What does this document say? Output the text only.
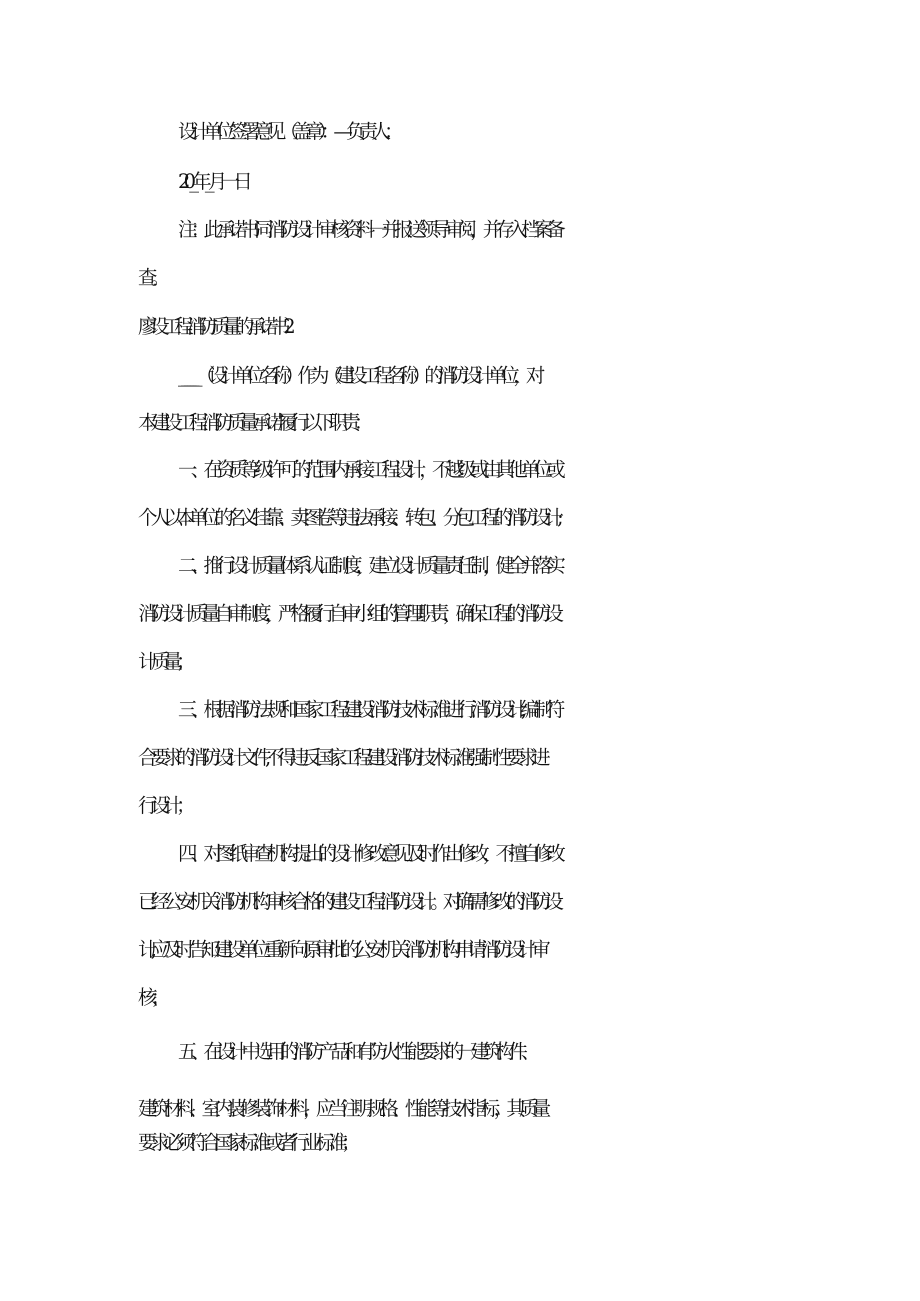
设计单位签署意见（盖章）：—负责人：
20_年_月一日
注：此承诺书同消防设计审核资料一并报送领导审阅，并存入档案备
查。
廖设工程消防质量的承诺书2
______（设计单位名称）作为（建设工程名称）的消防设计单位，对
本建设工程消防质量承诺履行以下职责：
一、在资质等级许可的范围内承接工程设计，不越级或由其他单位或
个人以本单位的名义挂靠、卖图卷等违法承接、转包、分包工程的消防设计;
二、推行设计质量体系认证制度，建立设计质量责任制，健全并落实
消防设计质量自审制度，严格履行自审小组的管理职责，确保工程的消防设
计质量；
三、根据消防法规和国家工程建设消防技术标准进行消防设计,编制符
合要求的消防设计文件,不得违反国家工程建设消防技术标准强制性要求进
行设计；
四、对图纸审查机构提出的设计修改意见及时作出修改，不擅自修改
已经公安机关消防机构审核合格的建设工程消防设计。对确需修改的消防设
计,应及时告知建设单位重新向原审批的公安机关消防机构申请消防设计审
核；
五、在设计中选用的消防产品和有防火性能要求的一建筑构件、
建筑材料、室内装修装饰材料，应当注明规格、性能等技术指标，其质量
要求必须符合国家标准或者行业标准；
